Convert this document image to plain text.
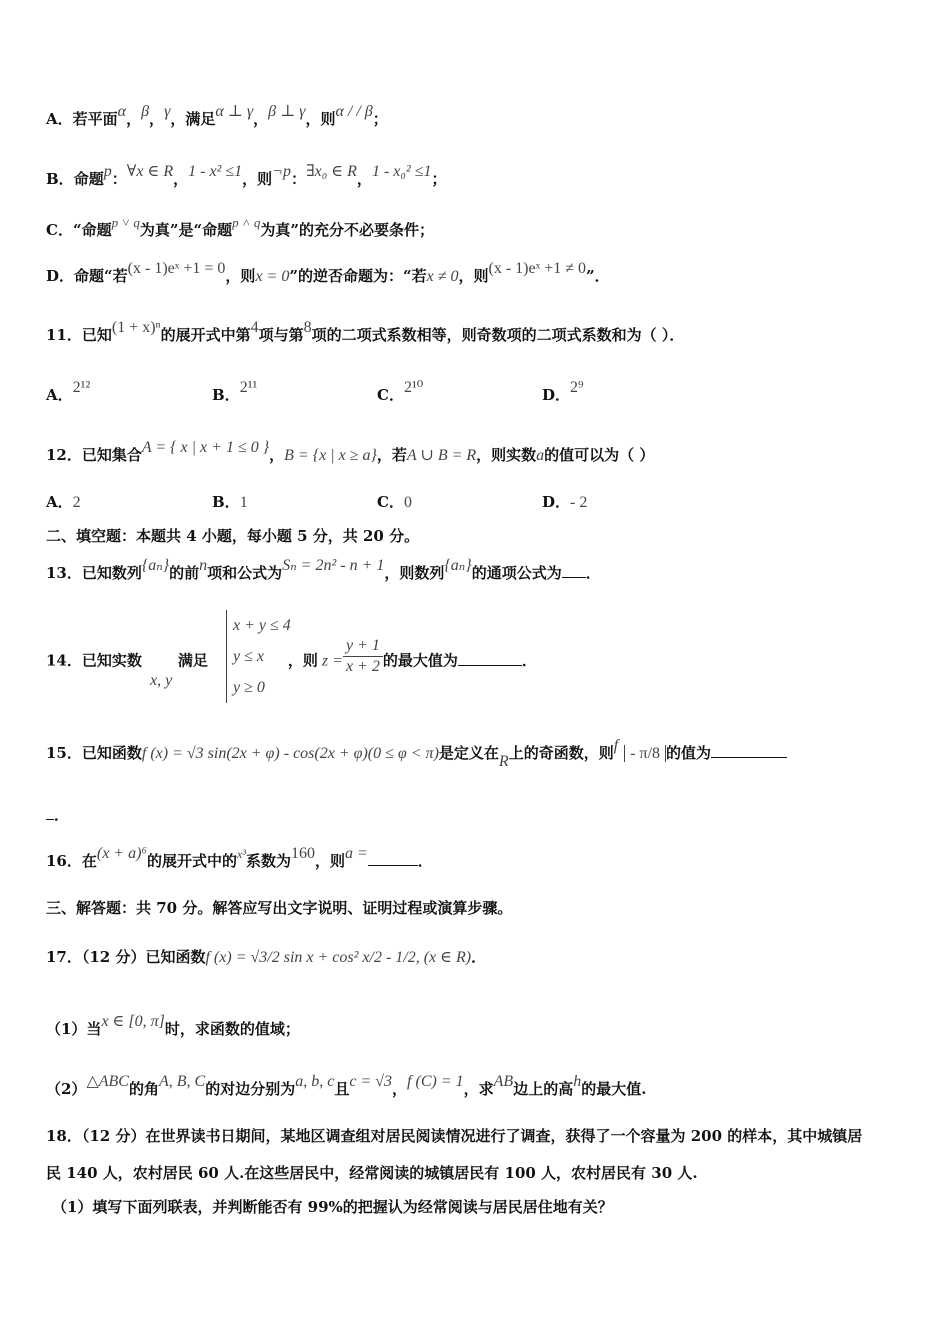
A．若平面α，β，γ，满足α ⊥ γ，β ⊥ γ，则α / / β；
B．命题p：∀x ∈ R，1 - x² ≤1，则¬p：∃x₀ ∈ R，1 - x₀² ≤1；
C．“命题p ˅ q为真”是“命题p ˄ q为真”的充分不必要条件；
D．命题“若(x - 1)eˣ +1 = 0，则x = 0”的逆否命题为：“若x ≠ 0，则(x - 1)eˣ +1 ≠ 0”．
11．已知(1 + x)ⁿ的展开式中第4项与第8项的二项式系数相等，则奇数项的二项式系数和为（ ）．
A．2¹²	B．2¹¹	C．2¹⁰	D．2⁹
12．已知集合A = { x | x + 1 ≤ 0 }，B = {x | x ≥ a}，若A ∪ B = R，则实数a的值可以为（ ）
A．2	B．1	C．0	D．- 2
二、填空题：本题共 4 小题，每小题 5 分，共 20 分。
13．已知数列{aₙ}的前n项和公式为Sₙ = 2n² - n + 1，则数列{aₙ}的通项公式为 ．
14．已知实数 满足	，则 $z = \frac{y + 1}{x + 2}$ 的最大值为	．
x, y
x + y ≤ 4
y ≤ x
y ≥ 0
15．已知函数f (x) = √3 sin(2x + φ) - cos(2x + φ)(0 ≤ φ < π)是定义在R上的奇函数，则f - π/8 的值为
．
16．在(x + a)⁶的展开式中的$^{x^3}$系数为160，则a =	．
三、解答题：共 70 分。解答应写出文字说明、证明过程或演算步骤。
17．（12 分）已知函数f (x) = √3/2 sin x + cos² x/2 - 1/2, (x ∈ R)．
（1）当x ∈ [0, π]时，求函数的值域；
（2）△ABC的角A, B, C的对边分别为a, b, c且c = √3，f (C) = 1，求AB边上的高h的最大值.
18．（12 分）在世界读书日期间，某地区调查组对居民阅读情况进行了调查，获得了一个容量为 200 的样本，其中城镇居
民 140 人，农村居民 60 人.在这些居民中，经常阅读的城镇居民有 100 人，农村居民有 30 人.
（1）填写下面列联表，并判断能否有 99%的把握认为经常阅读与居民居住地有关？
